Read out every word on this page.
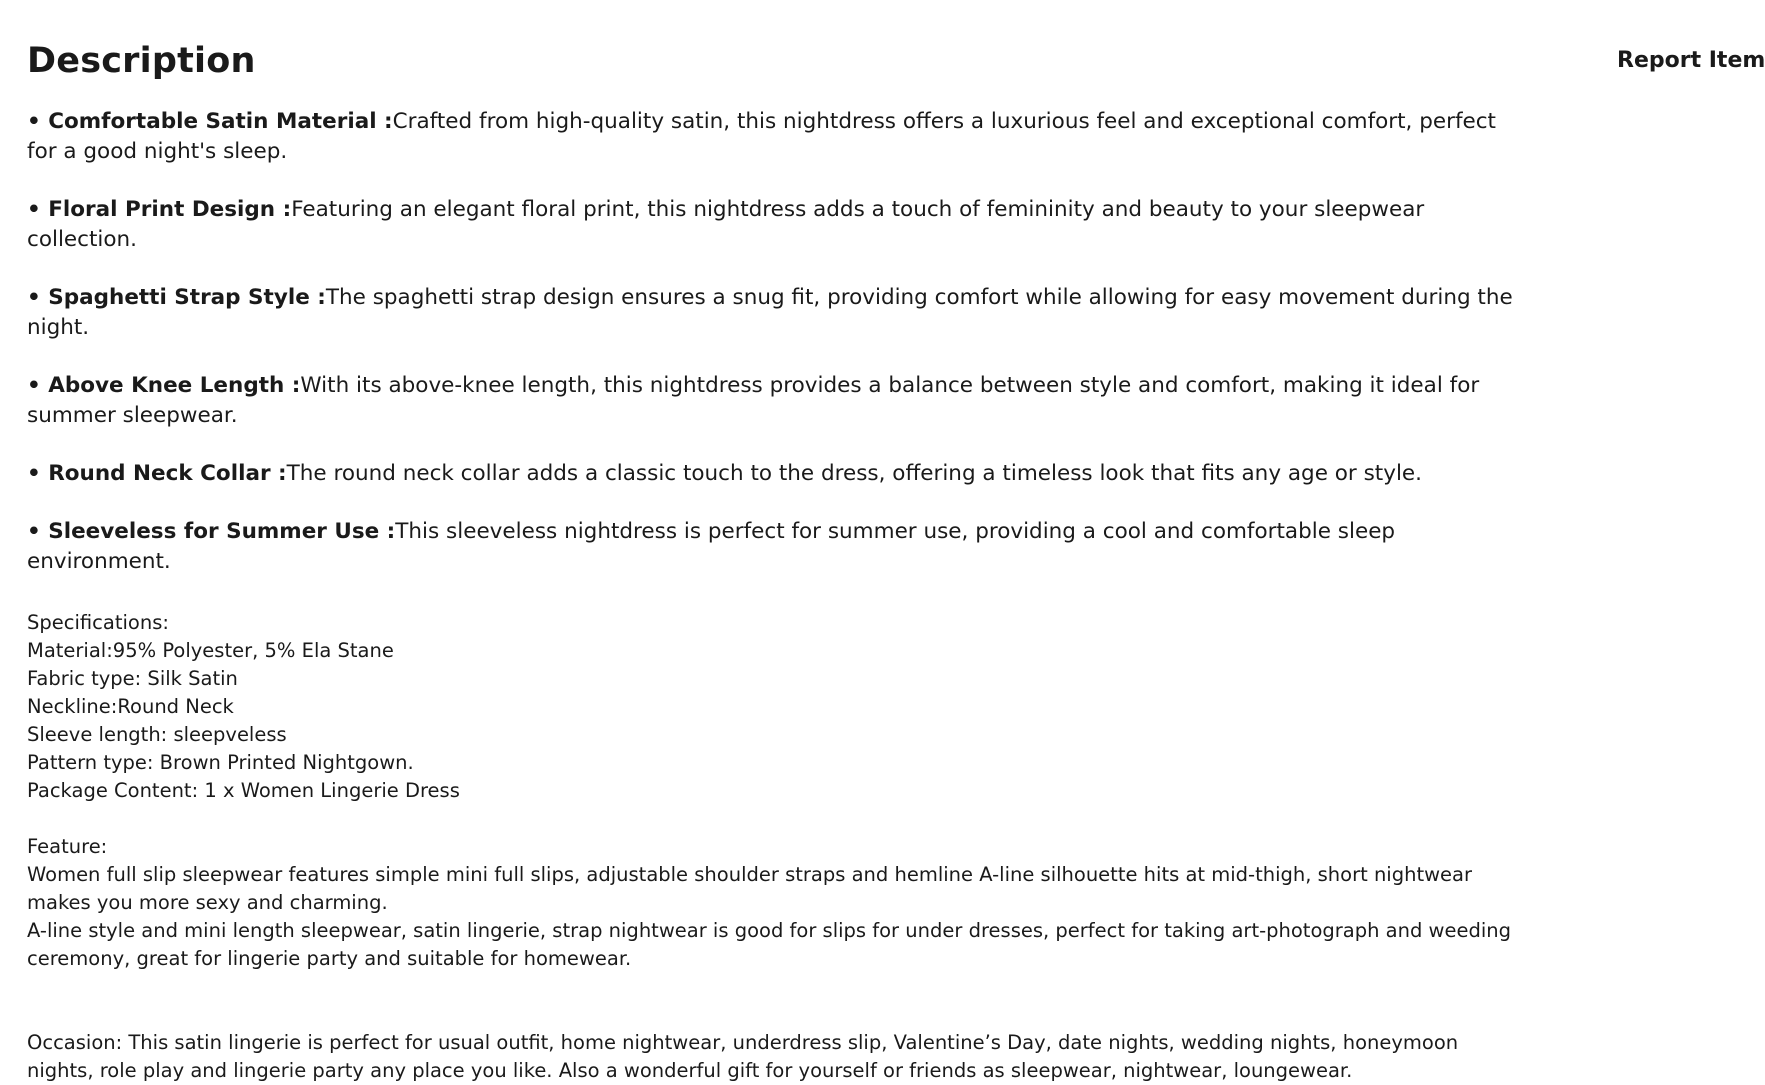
Description	Report Item
• Comfortable Satin Material :Crafted from high-quality satin, this nightdress offers a luxurious feel and exceptional comfort, perfect for a good night's sleep.
• Floral Print Design :Featuring an elegant floral print, this nightdress adds a touch of femininity and beauty to your sleepwear collection.
• Spaghetti Strap Style :The spaghetti strap design ensures a snug fit, providing comfort while allowing for easy movement during the night.
• Above Knee Length :With its above-knee length, this nightdress provides a balance between style and comfort, making it ideal for summer sleepwear.
• Round Neck Collar :The round neck collar adds a classic touch to the dress, offering a timeless look that fits any age or style.
• Sleeveless for Summer Use :This sleeveless nightdress is perfect for summer use, providing a cool and comfortable sleep environment.
Specifications:
Material:95% Polyester, 5% Ela Stane
Fabric type: Silk Satin
Neckline:Round Neck
Sleeve length: sleepveless
Pattern type: Brown Printed Nightgown.
Package Content: 1 x Women Lingerie Dress
Feature:
Women full slip sleepwear features simple mini full slips, adjustable shoulder straps and hemline A-line silhouette hits at mid-thigh, short nightwear makes you more sexy and charming.
A-line style and mini length sleepwear, satin lingerie, strap nightwear is good for slips for under dresses, perfect for taking art-photograph and weeding ceremony, great for lingerie party and suitable for homewear.
Occasion: This satin lingerie is perfect for usual outfit, home nightwear, underdress slip, Valentine’s Day, date nights, wedding nights, honeymoon nights, role play and lingerie party any place you like. Also a wonderful gift for yourself or friends as sleepwear, nightwear, loungewear.
